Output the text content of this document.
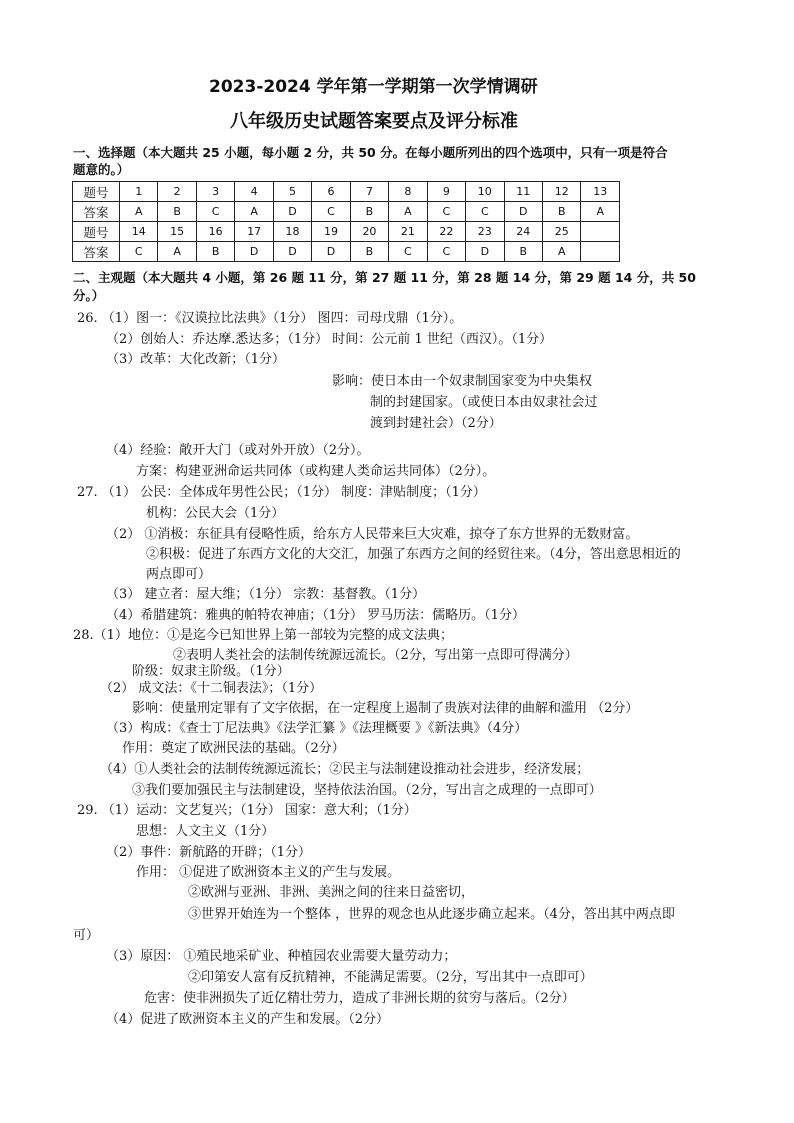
2023-2024 学年第一学期第一次学情调研
八年级历史试题答案要点及评分标准
一、选择题（本大题共 25 小题，每小题 2 分，共 50 分。在每小题所列出的四个选项中，只有一项是符合
题意的。）
题号	1	2	3	4	5	6	7	8	9	10	11	12	13
答案	A	B	C	A	D	C	B	A	C	C	D	B	A
题号	14	15	16	17	18	19	20	21	22	23	24	25	
答案	C	A	B	D	D	D	B	C	C	D	B	A	
二、主观题（本大题共 4 小题，第 26 题 11 分，第 27 题 11 分，第 28 题 14 分，第 29 题 14 分，共 50
分。）
26. （1）图一：《汉谟拉比法典》（1分） 图四：司母戊鼎（1分）。
（2）创始人：乔达摩.悉达多；（1分） 时间：公元前 1 世纪（西汉）。（1分）
（3）改革：大化改新；（1分）
影响：使日本由一个奴隶制国家变为中央集权
制的封建国家。（或使日本由奴隶社会过
渡到封建社会）（2分）
（4）经验：敞开大门（或对外开放）（2分）。
方案：构建亚洲命运共同体（或构建人类命运共同体）（2分）。
27. （1） 公民：全体成年男性公民；（1分） 制度：津贴制度；（1分）
机构：公民大会（1分）
（2） ①消极：东征具有侵略性质，给东方人民带来巨大灾难，掠夺了东方世界的无数财富。
②积极：促进了东西方文化的大交汇，加强了东西方之间的经贸往来。（4分，答出意思相近的
两点即可）
（3） 建立者：屋大维；（1分） 宗教：基督教。（1分）
（4）希腊建筑：雅典的帕特农神庙；（1分） 罗马历法：儒略历。（1分）
28.（1）地位：①是迄今已知世界上第一部较为完整的成文法典；
②表明人类社会的法制传统源远流长。（2分，写出第一点即可得满分）
阶级：奴隶主阶级。（1分）
（2） 成文法：《十二铜表法》；（1分）
影响：使量刑定罪有了文字依据，在一定程度上遏制了贵族对法律的曲解和滥用 （2分）
（3）构成：《查士丁尼法典》《法学汇纂 》《法理概要 》《新法典》（4分）
作用：奠定了欧洲民法的基础。（2分）
（4）①人类社会的法制传统源远流长；②民主与法制建设推动社会进步，经济发展；
③我们要加强民主与法制建设，坚持依法治国。（2分，写出言之成理的一点即可）
29. （1）运动：文艺复兴；（1分） 国家：意大利；（1分）
思想：人文主义（1分）
（2）事件：新航路的开辟；（1分）
作用： ①促进了欧洲资本主义的产生与发展。
②欧洲与亚洲、非洲、美洲之间的往来日益密切，
③世界开始连为一个整体 ，世界的观念也从此逐步确立起来。（4分，答出其中两点即
可）
（3）原因： ①殖民地采矿业、种植园农业需要大量劳动力；
②印第安人富有反抗精神，不能满足需要。（2分，写出其中一点即可）
危害：使非洲损失了近亿精壮劳力，造成了非洲长期的贫穷与落后。（2分）
（4）促进了欧洲资本主义的产生和发展。（2分）
